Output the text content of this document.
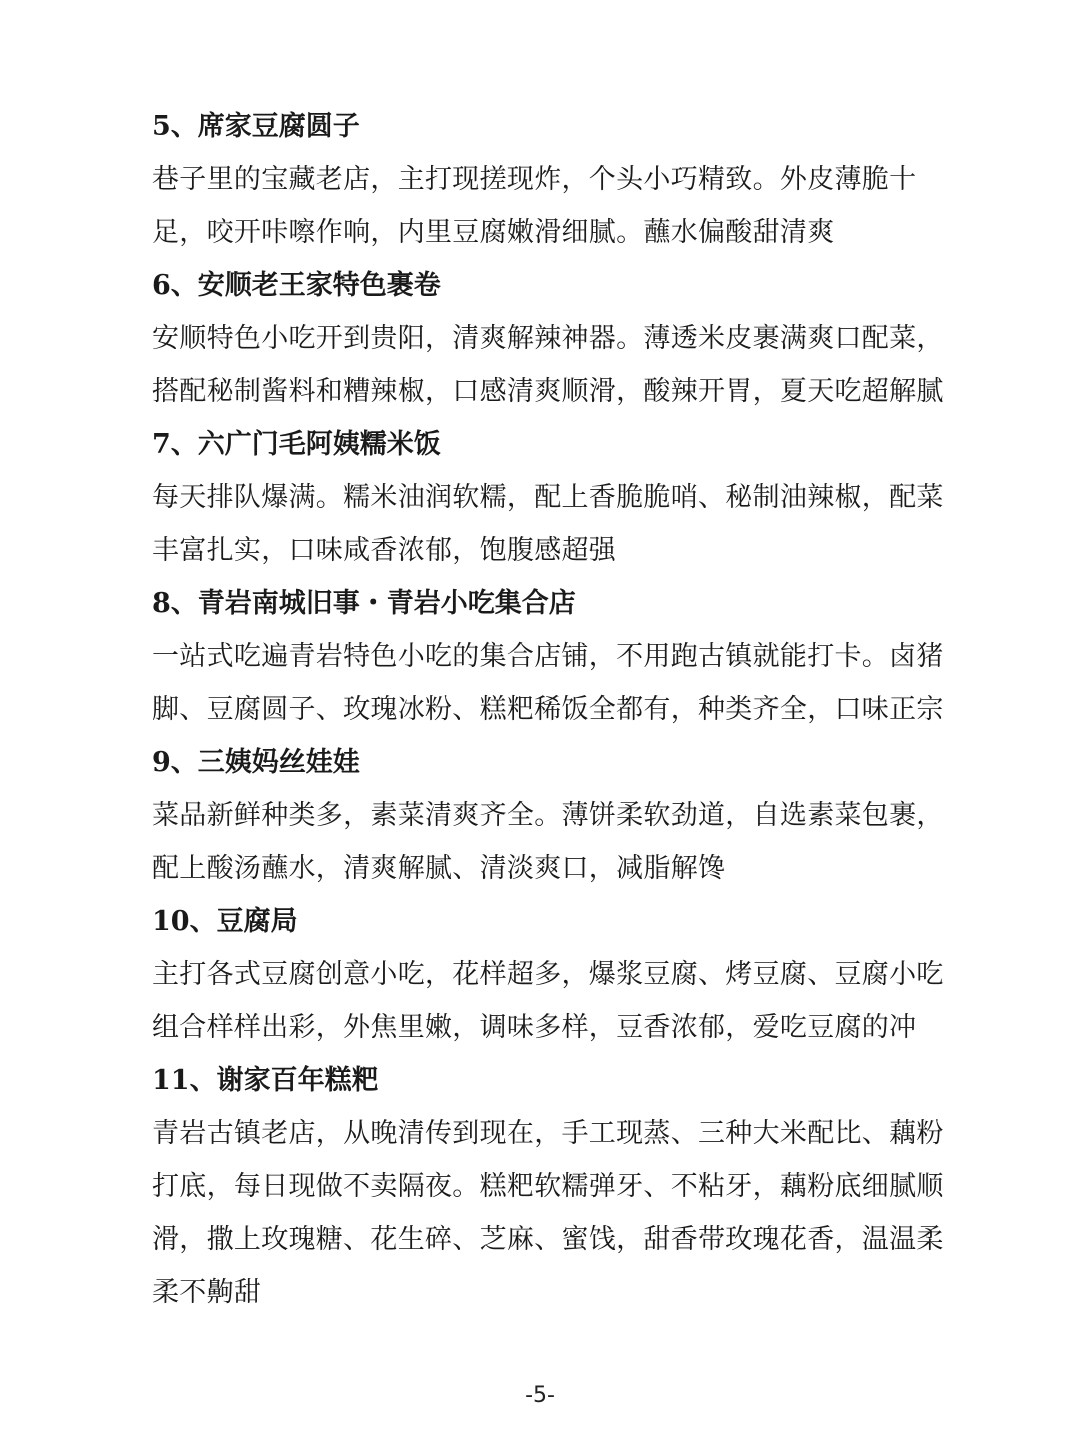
5、席家豆腐圆子
巷子里的宝藏老店，主打现搓现炸，个头小巧精致。外皮薄脆十
足，咬开咔嚓作响，内里豆腐嫩滑细腻。蘸水偏酸甜清爽
6、安顺老王家特色裹卷
安顺特色小吃开到贵阳，清爽解辣神器。薄透米皮裹满爽口配菜，
搭配秘制酱料和糟辣椒，口感清爽顺滑，酸辣开胃，夏天吃超解腻
7、六广门毛阿姨糯米饭
每天排队爆满。糯米油润软糯，配上香脆脆哨、秘制油辣椒，配菜
丰富扎实，口味咸香浓郁，饱腹感超强
8、青岩南城旧事・青岩小吃集合店
一站式吃遍青岩特色小吃的集合店铺，不用跑古镇就能打卡。卤猪
脚、豆腐圆子、玫瑰冰粉、糕粑稀饭全都有，种类齐全，口味正宗
9、三姨妈丝娃娃
菜品新鲜种类多，素菜清爽齐全。薄饼柔软劲道，自选素菜包裹，
配上酸汤蘸水，清爽解腻、清淡爽口，减脂解馋
10、豆腐局
主打各式豆腐创意小吃，花样超多，爆浆豆腐、烤豆腐、豆腐小吃
组合样样出彩，外焦里嫩，调味多样，豆香浓郁，爱吃豆腐的冲
11、谢家百年糕粑
青岩古镇老店，从晚清传到现在，手工现蒸、三种大米配比、藕粉
打底，每日现做不卖隔夜。糕粑软糯弹牙、不粘牙，藕粉底细腻顺
滑，撒上玫瑰糖、花生碎、芝麻、蜜饯，甜香带玫瑰花香，温温柔
柔不齁甜
-5-
